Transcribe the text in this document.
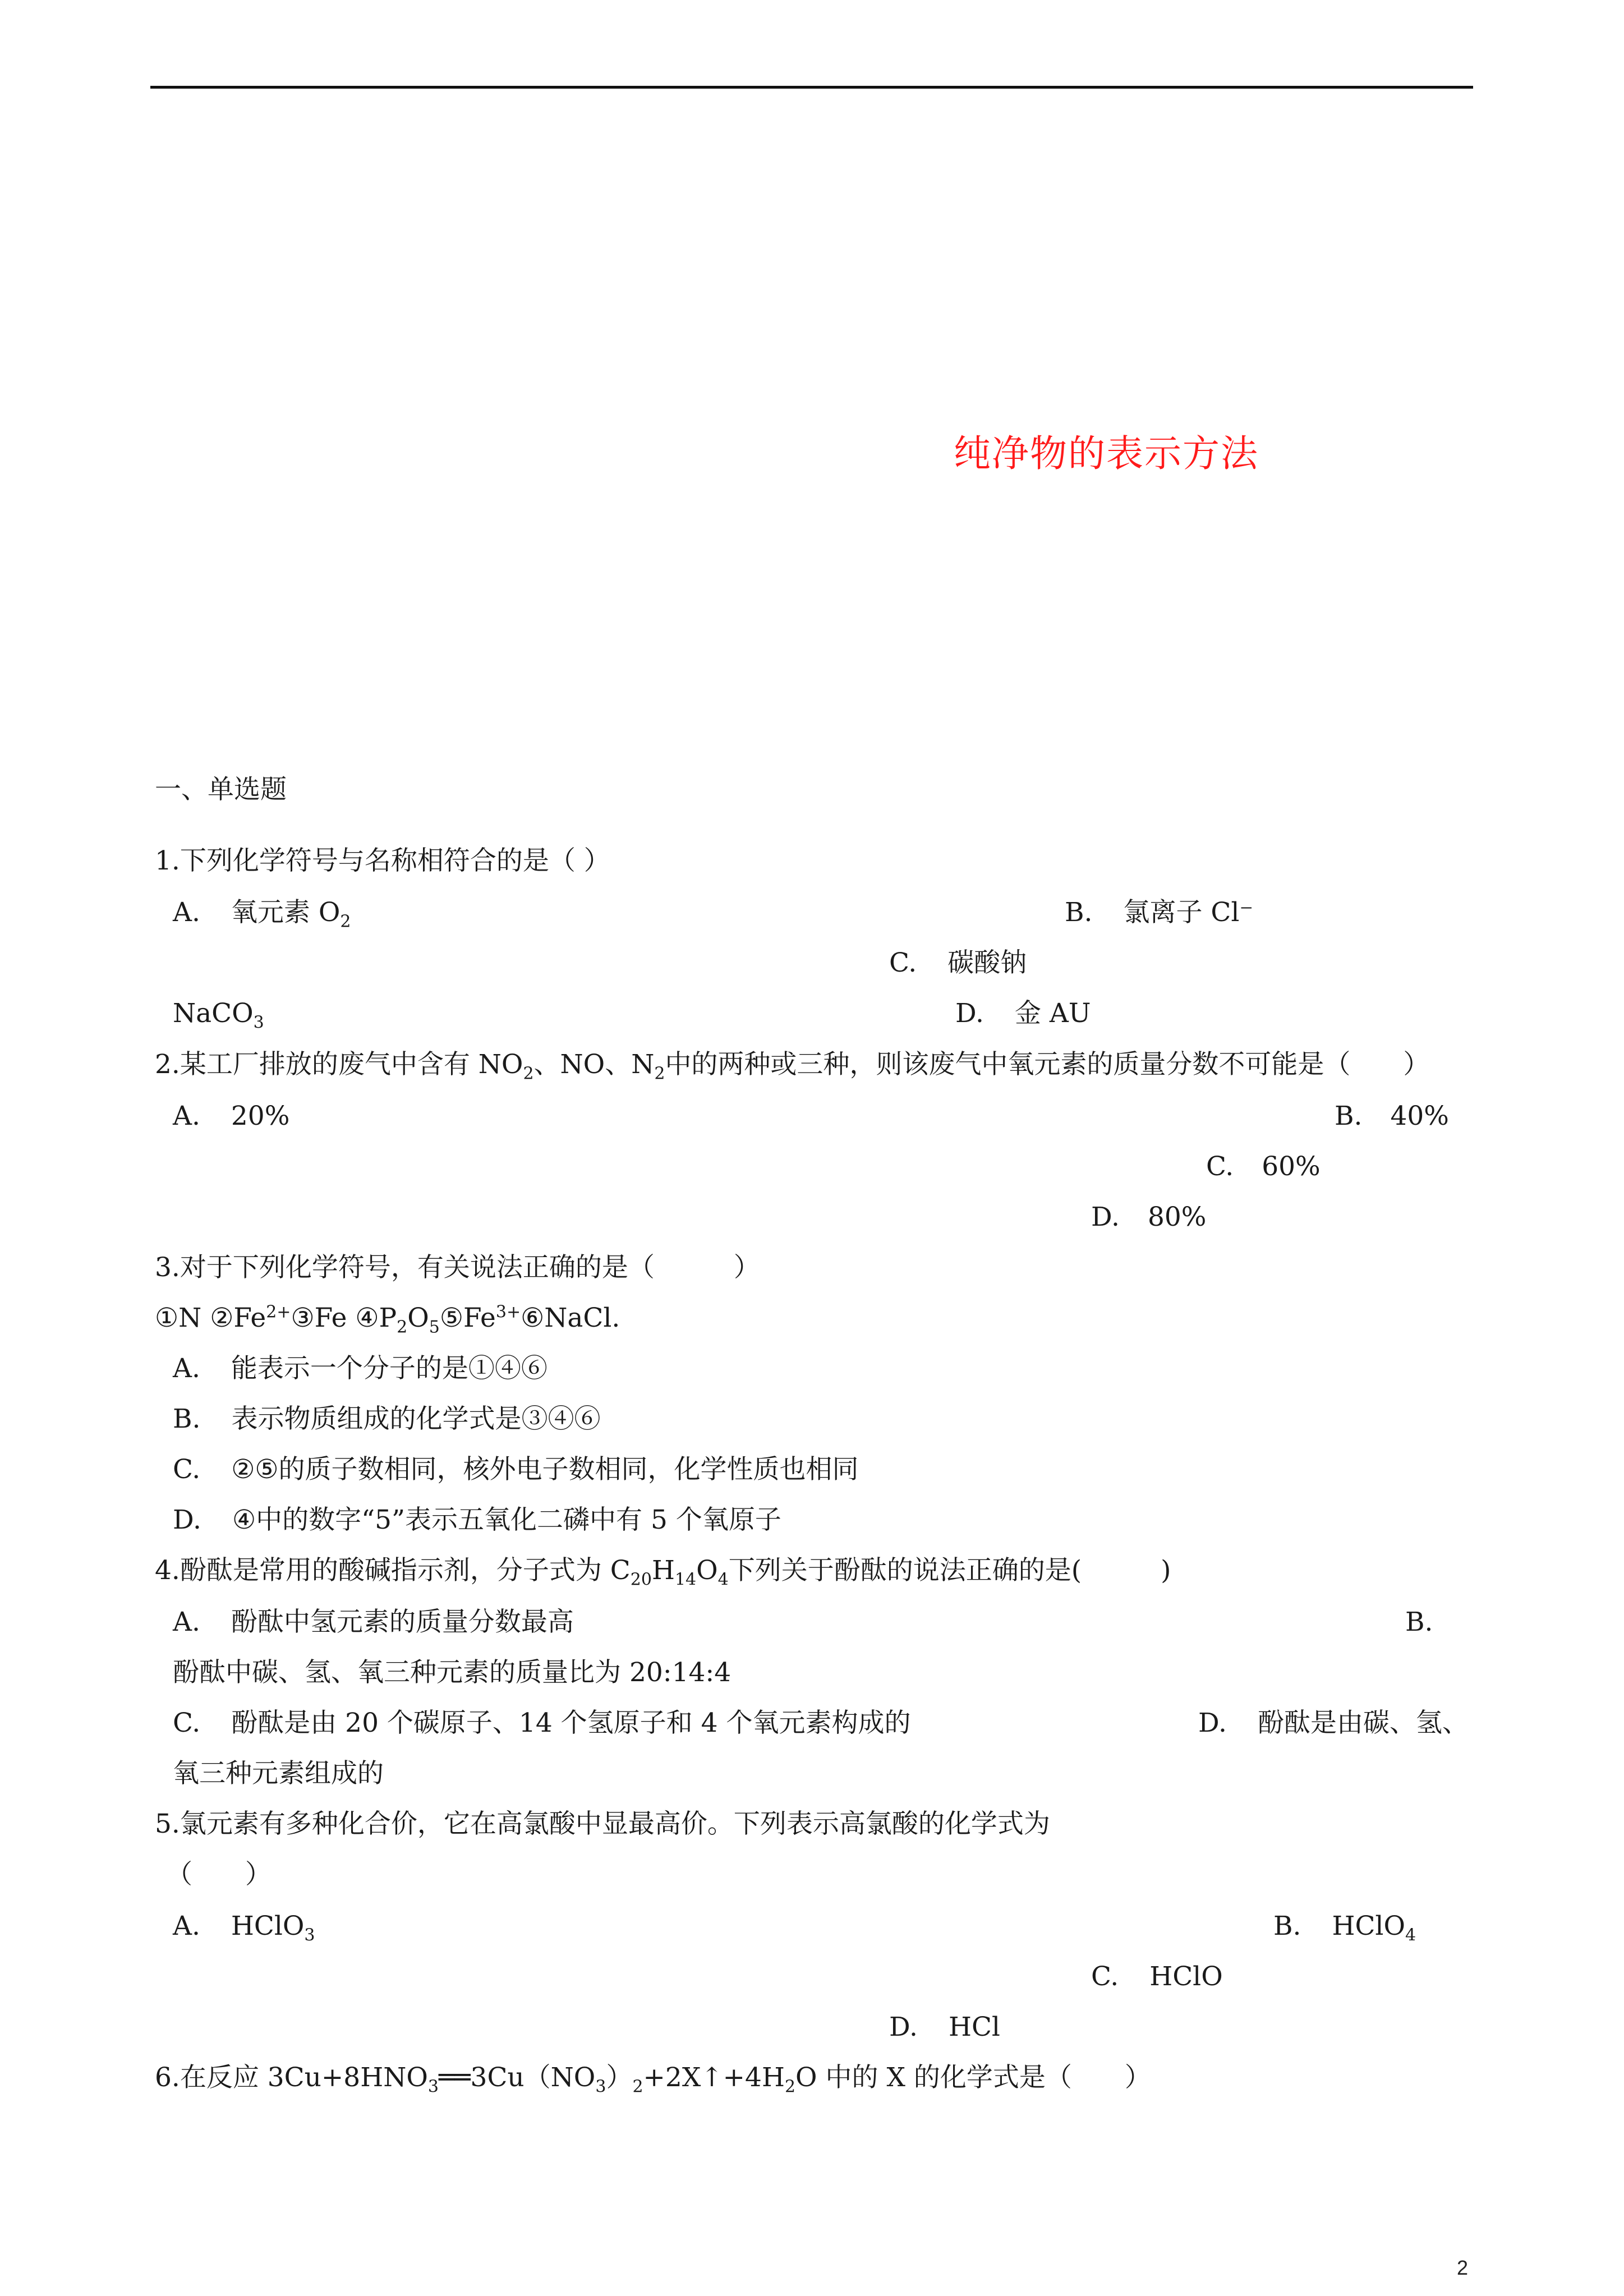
纯净物的表示方法
一、单选题
1.下列化学符号与名称相符合的是（ ）
A. 氧元素 $O_2$	B. 氯离子 Cl⁻
C. 碳酸钠
NaCO$_3$	D. 金 AU
2.某工厂排放的废气中含有 $NO_2$、NO、$N_2$中的两种或三种，则该废气中氧元素的质量分数不可能是（　　）
A. 20%	B. 40%
C. 60%
D. 80%
3.对于下列化学符号，有关说法正确的是（　　　）
①N $②Fe^{2+}③Fe$ $④P_2O_5⑤Fe^{3+}⑥NaCl$.
A. 能表示一个分子的是①④⑥
B. 表示物质组成的化学式是③④⑥
C. ②⑤的质子数相同，核外电子数相同，化学性质也相同
D. ④中的数字“5”表示五氧化二磷中有 5 个氧原子
4.酚酞是常用的酸碱指示剂，分子式为 $C_{20}H_{14}O_4$下列关于酚酞的说法正确的是(　　　)
A. 酚酞中氢元素的质量分数最高	B.
酚酞中碳、氢、氧三种元素的质量比为 20:14:4
C. 酚酞是由 20 个碳原子、14 个氢原子和 4 个氧元素构成的	D. 酚酞是由碳、氢、
氧三种元素组成的
5.氯元素有多种化合价，它在高氯酸中显最高价。下列表示高氯酸的化学式为
（　　）
A. HClO$_3$	B. HClO$_4$
C. HClO
D. HCl
6.在反应 $3Cu+8HNO_3══3Cu(NO_3)_2+2X↑+4H_2O$ 中的 X 的化学式是（　　）
2
